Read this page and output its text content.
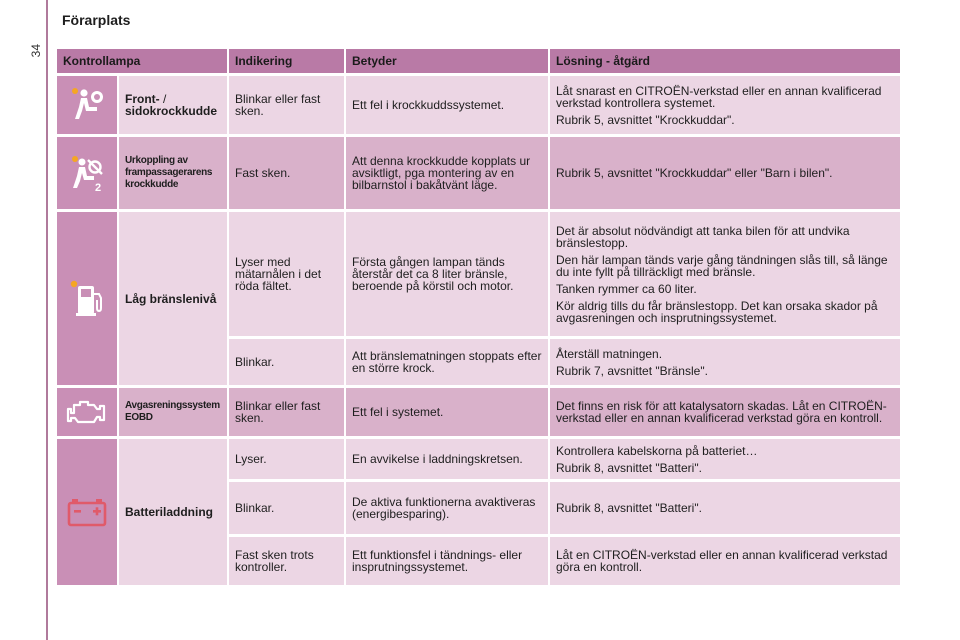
34
Förarplats
Kontrollampa		Indikering	Betyder	Lösning - åtgärd

	Front- /
sidokrockkudde	Blinkar eller fast sken.	Ett fel i krockkuddssystemet.	Låt snarast en CITROËN-verkstad eller en annan kvalificerad verkstad kontrollera systemet.
Rubrik 5, avsnittet "Krockkuddar".

2	Urkoppling av frampassagerarens krockkudde	Fast sken.	Att denna krockkudde kopplats ur avsiktligt, pga montering av en bilbarnstol i bakåtvänt läge.	Rubrik 5, avsnittet "Krockkuddar" eller "Barn i bilen".

	Låg bränslenivå	Lyser med mätarnålen i det röda fältet.	Första gången lampan tänds återstår det ca 8 liter bränsle, beroende på körstil och motor.	Det är absolut nödvändigt att tanka bilen för att undvika bränslestopp.
Den här lampan tänds varje gång tändningen slås till, så länge du inte fyllt på tillräckligt med bränsle.
Tanken rymmer ca 60 liter.
Kör aldrig tills du får bränslestopp. Det kan orsaka skador på avgasreningen och insprutningssystemet.

		Blinkar.	Att bränslematningen stoppats efter en större krock.	Återställ matningen.
Rubrik 7, avsnittet "Bränsle".

	Avgasreningssystem EOBD	Blinkar eller fast sken.	Ett fel i systemet.	Det finns en risk för att katalysatorn skadas. Låt en CITROËN-verkstad eller en annan kvalificerad verkstad göra en kontroll.

	Batteriladdning	Lyser.	En avvikelse i laddningskretsen.	Kontrollera kabelskorna på batteriet…
Rubrik 8, avsnittet "Batteri".

		Blinkar.	De aktiva funktionerna avaktiveras (energibesparing).	Rubrik 8, avsnittet "Batteri".
		Fast sken trots kontroller.	Ett funktionsfel i tändnings- eller insprutningssystemet.	Låt en CITROËN-verkstad eller en annan kvalificerad verkstad göra en kontroll.
